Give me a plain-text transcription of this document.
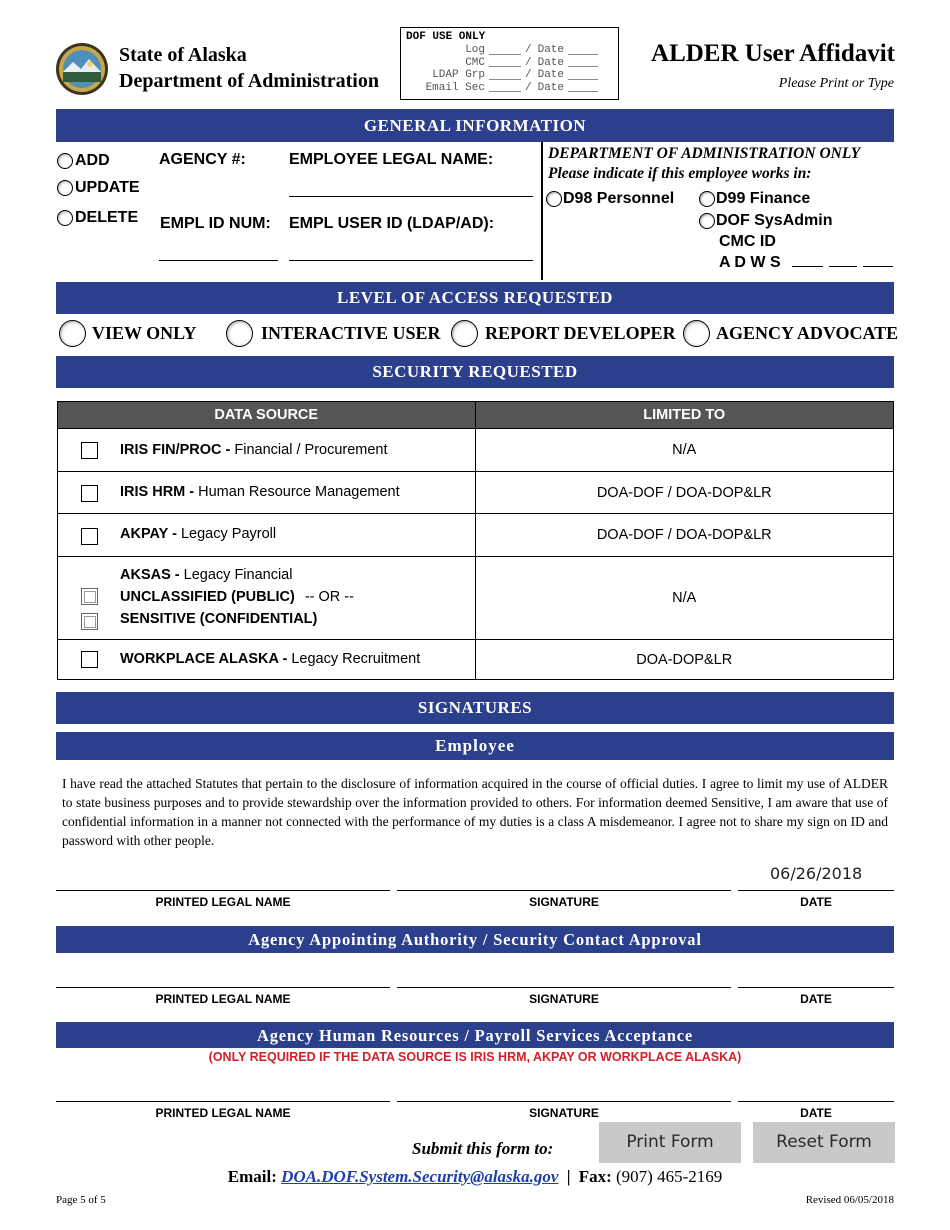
State of Alaska
Department of Administration
DOF USE ONLY
Log	/ Date
CMC	/ Date
LDAP Grp	/ Date
Email Sec	/ Date
ALDER User Affidavit
Please Print or Type
GENERAL INFORMATION
ADD
UPDATE
DELETE
AGENCY #:	EMPLOYEE LEGAL NAME:
EMPL ID NUM: EMPL USER ID (LDAP/AD):
DEPARTMENT OF ADMINISTRATION ONLY
Please indicate if this employee works in:
D98 Personnel	D99 Finance
DOF SysAdmin
CMC ID
A D W S
LEVEL OF ACCESS REQUESTED
VIEW ONLY	INTERACTIVE USER REPORT DEVELOPER AGENCY ADVOCATE
SECURITY REQUESTED
DATA SOURCE	LIMITED TO

IRIS FIN/PROC - Financial / Procurement	N/A

IRIS HRM - Human Resource Management	DOA-DOF / DOA-DOP&LR

AKPAY - Legacy Payroll	DOA-DOF / DOA-DOP&LR

AKSAS - Legacy Financial
UNCLASSIFIED (PUBLIC) -- OR --
SENSITIVE (CONFIDENTIAL)	N/A

WORKPLACE ALASKA - Legacy Recruitment	DOA-DOP&LR
SIGNATURES
Employee
I have read the attached Statutes that pertain to the disclosure of information acquired in the course of official duties. I agree to limit my use of ALDER to state business purposes and to provide stewardship over the information provided to others. For information deemed Sensitive, I am aware that use of confidential information in a manner not connected with the performance of my duties is a class A misdemeanor. I agree not to share my sign on ID and password with other people.
06/26/2018
PRINTED LEGAL NAME	SIGNATURE	DATE
Agency Appointing Authority / Security Contact Approval
PRINTED LEGAL NAME	SIGNATURE	DATE
Agency Human Resources / Payroll Services Acceptance
(ONLY REQUIRED IF THE DATA SOURCE IS IRIS HRM, AKPAY OR WORKPLACE ALASKA)
PRINTED LEGAL NAME	SIGNATURE	DATE
Submit this form to:	Print Form	Reset Form
Email: DOA.DOF.System.Security@alaska.gov | Fax: (907) 465-2169
Page 5 of 5	Revised 06/05/2018
